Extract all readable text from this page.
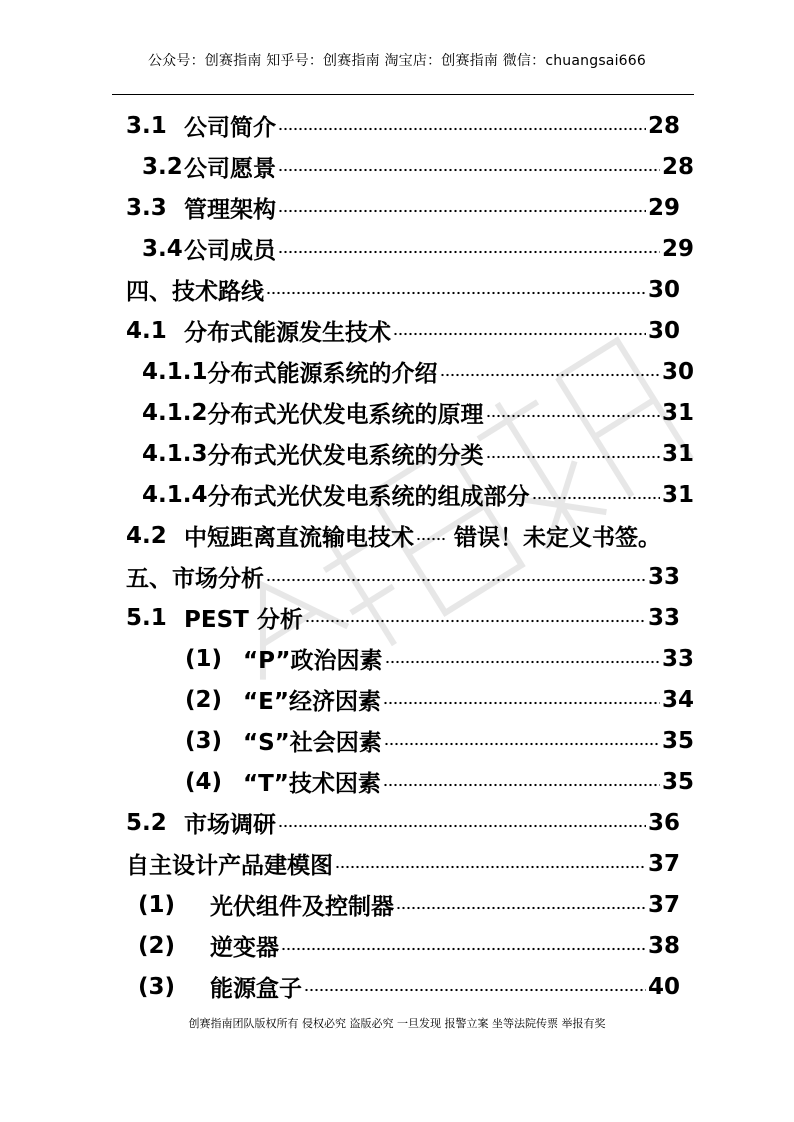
公众号：创赛指南 知乎号：创赛指南 淘宝店：创赛指南 微信：chuangsai666
3.1 公司简介	28
3.2 公司愿景	28
3.3 管理架构	29
3.4 公司成员	29
四、技术路线	30
4.1 分布式能源发生技术	30
4.1.1 分布式能源系统的介绍	30
4.1.2 分布式光伏发电系统的原理	31
4.1.3 分布式光伏发电系统的分类	31
4.1.4 分布式光伏发电系统的组成部分	31
4.2 中短距离直流输电技术 错误！未定义书签。
五、市场分析	33
5.1 PEST 分析	33
(1) “P”政治因素	33
(2) “E”经济因素	34
(3) “S”社会因素	35
(4) “T”技术因素	35
5.2 市场调研	36
自主设计产品建模图	37
(1)	光伏组件及控制器	37
(2)	逆变器	38
(3)	能源盒子	40
创赛指南团队版权所有 侵权必究 盗版必究 一旦发现 报警立案 坐等法院传票 举报有奖
